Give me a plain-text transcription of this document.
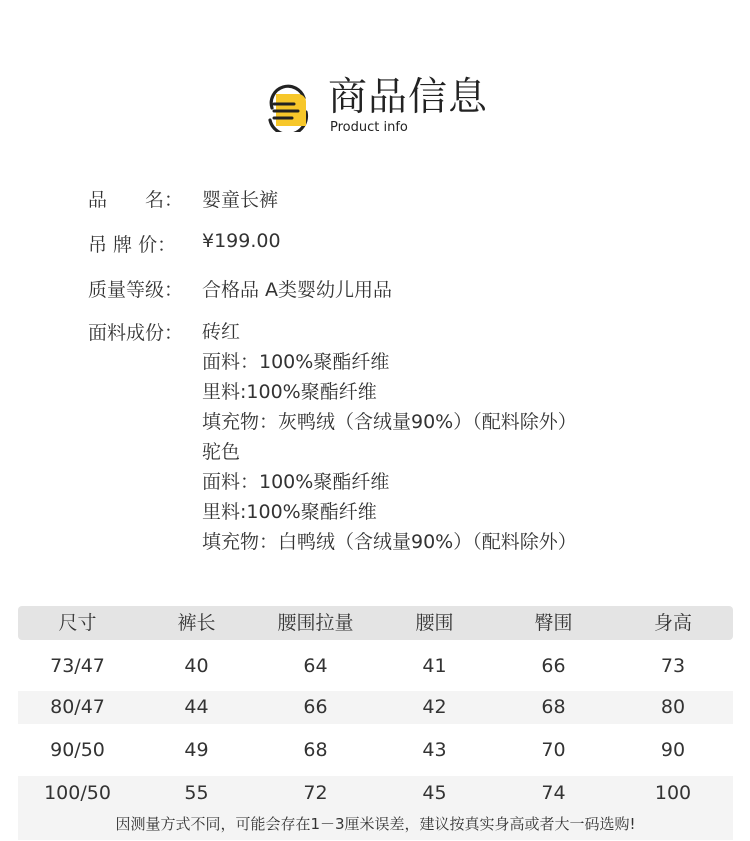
商品信息
Product info
品　　名： 婴童长裤
吊 牌 价：	¥199.00
质量等级： 合格品 A类婴幼儿用品
面料成份： 砖红
面料：100%聚酯纤维
里料:100%聚酯纤维
填充物：灰鸭绒（含绒量90%）（配料除外）
驼色
面料：100%聚酯纤维
里料:100%聚酯纤维
填充物：白鸭绒（含绒量90%）（配料除外）
尺寸	裤长	腰围拉量	腰围	臀围	身高
73/47	40	64	41	66	73
80/47	44	66	42	68	80
90/50	49	68	43	70	90
100/50	55	72	45	74	100
因测量方式不同，可能会存在1－3厘米误差，建议按真实身高或者大一码选购!
